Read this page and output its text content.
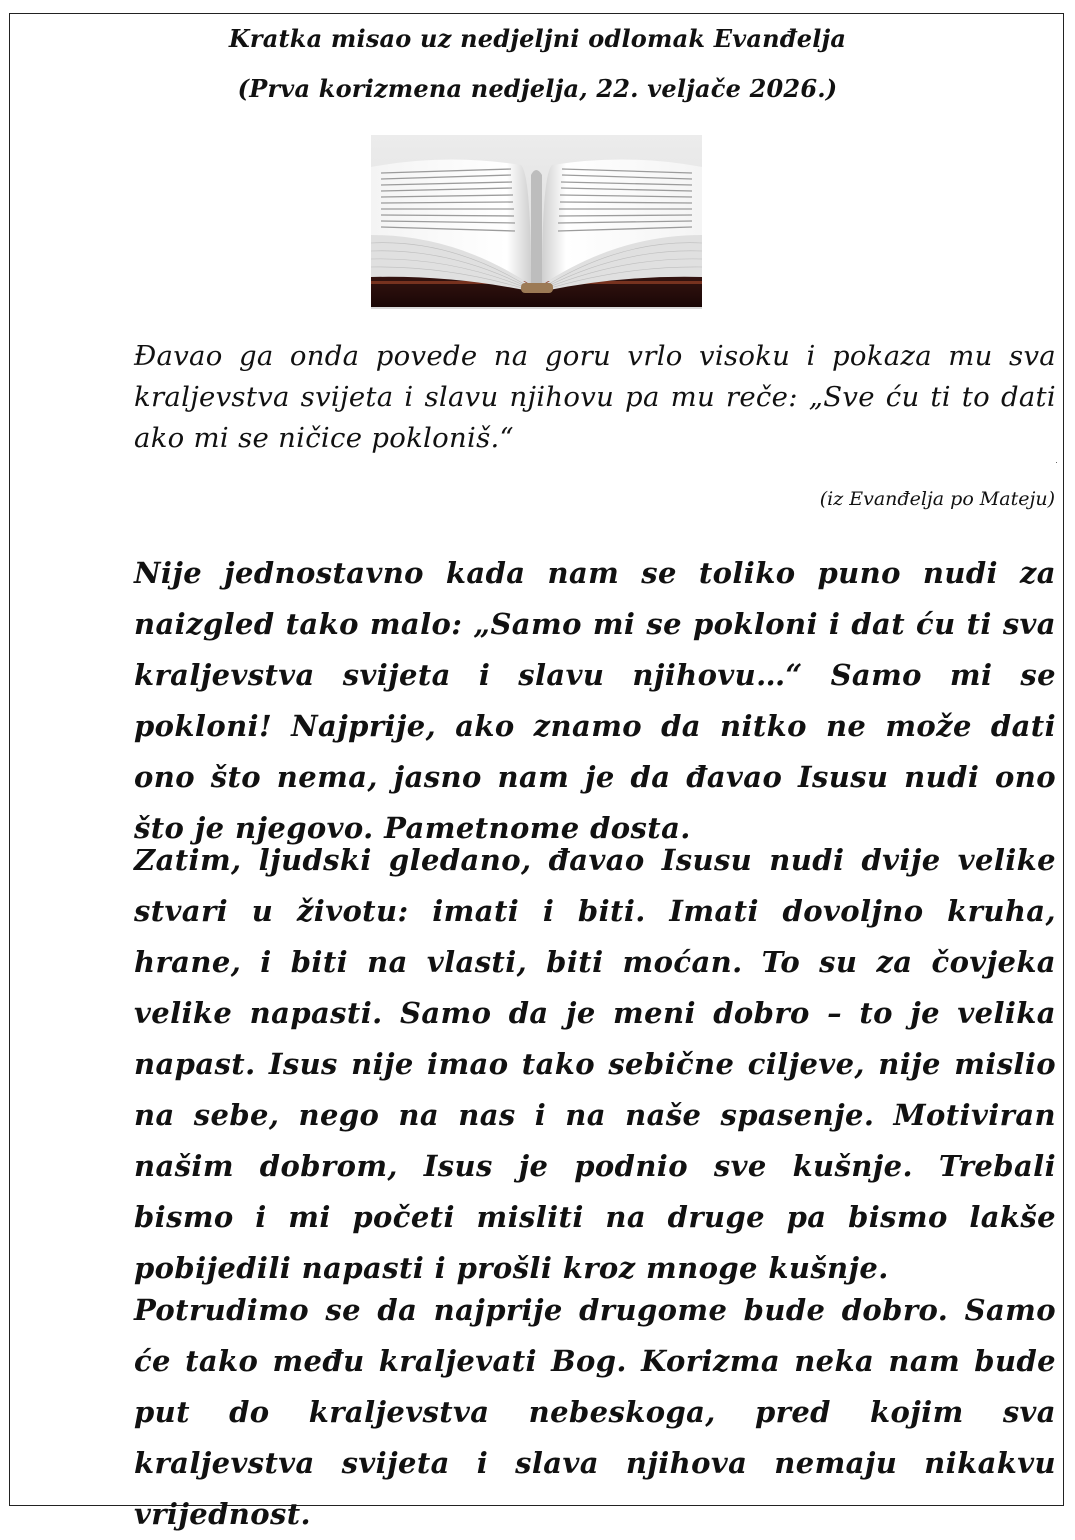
Kratka misao uz nedjeljni odlomak Evanđelja
(Prva korizmena nedjelja, 22. veljače 2026.)
Đavao ga onda povede na goru vrlo visoku i pokaza mu sva kraljevstva svijeta i slavu njihovu pa mu reče: „Sve ću ti to dati ako mi se ničice pokloniš.“
(iz Evanđelja po Mateju)
Nije jednostavno kada nam se toliko puno nudi za naizgled tako malo: „Samo mi se pokloni i dat ću ti sva kraljevstva svijeta i slavu njihovu…“ Samo mi se pokloni! Najprije, ako znamo da nitko ne može dati ono što nema, jasno nam je da đavao Isusu nudi ono što je njegovo. Pametnome dosta.
Zatim, ljudski gledano, đavao Isusu nudi dvije velike stvari u životu: imati i biti. Imati dovoljno kruha, hrane, i biti na vlasti, biti moćan. To su za čovjeka velike napasti. Samo da je meni dobro – to je velika napast. Isus nije imao tako sebične ciljeve, nije mislio na sebe, nego na nas i na naše spasenje. Motiviran našim dobrom, Isus je podnio sve kušnje. Trebali bismo i mi početi misliti na druge pa bismo lakše pobijedili napasti i prošli kroz mnoge kušnje.
Potrudimo se da najprije drugome bude dobro. Samo će tako među kraljevati Bog. Korizma neka nam bude put do kraljevstva nebeskoga, pred kojim sva kraljevstva svijeta i slava njihova nemaju nikakvu vrijednost.
